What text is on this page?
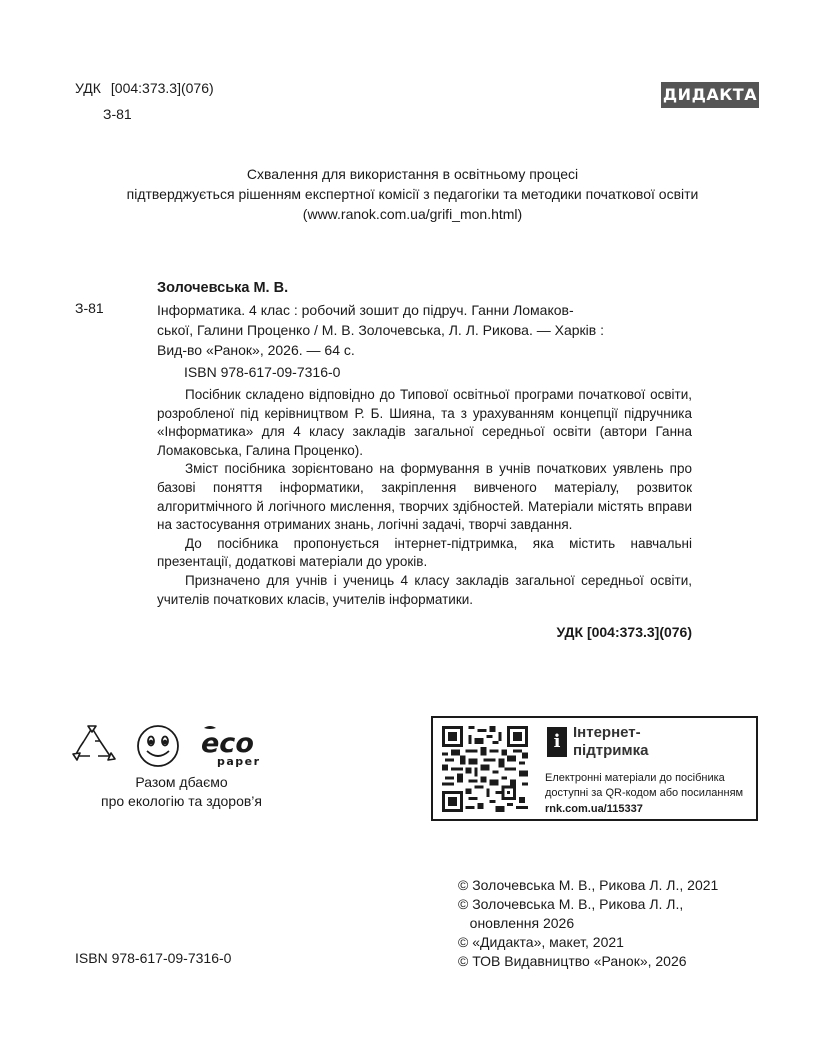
УДК [004:373.3](076)
З-81
ДИДАКТА
Схвалення для використання в освітньому процесі
підтверджується рішенням експертної комісії з педагогіки та методики початкової освіти
(www.ranok.com.ua/grifi_mon.html)
Золочевська М. В.
З-81	Інформатика. 4 клас : робочий зошит до підруч. Ганни Ломаков-
ської, Галини Проценко / М. В. Золочевська, Л. Л. Рикова. — Харків :
Вид-во «Ранок», 2026. — 64 с.
ISBN 978-617-09-7316-0

Посібник складено відповідно до Типової освітньої програми початкової освіти, розробленої під керівництвом Р. Б. Шияна, та з урахуванням концепції підручника «Інформатика» для 4 класу закладів загальної середньої освіти (автори Ганна Ломаковська, Галина Проценко).

Зміст посібника зорієнтовано на формування в учнів початкових уявлень про базові поняття інформатики, закріплення вивченого матеріалу, розвиток алгоритмічного й логічного мислення, творчих здібностей. Матеріали містять вправи на застосування отриманих знань, логічні задачі, творчі завдання.

До посібника пропонується інтернет-підтримка, яка містить навчальні презентації, додаткові матеріали до уроків.

Призначено для учнів і учениць 4 класу закладів загальної середньої освіти, учителів початкових класів, учителів інформатики.

УДК [004:373.3](076)
eco
paper
Разом дбаємо
про екологію та здоров’я
i Інтернет-
підтримка
Електронні матеріали до посібника
доступні за QR-кодом або посиланням
rnk.com.ua/115337
© Золочевська М. В., Рикова Л. Л., 2021
© Золочевська М. В., Рикова Л. Л.,
оновлення 2026
© «Дидакта», макет, 2021
© ТОВ Видавництво «Ранок», 2026
ISBN 978-617-09-7316-0
